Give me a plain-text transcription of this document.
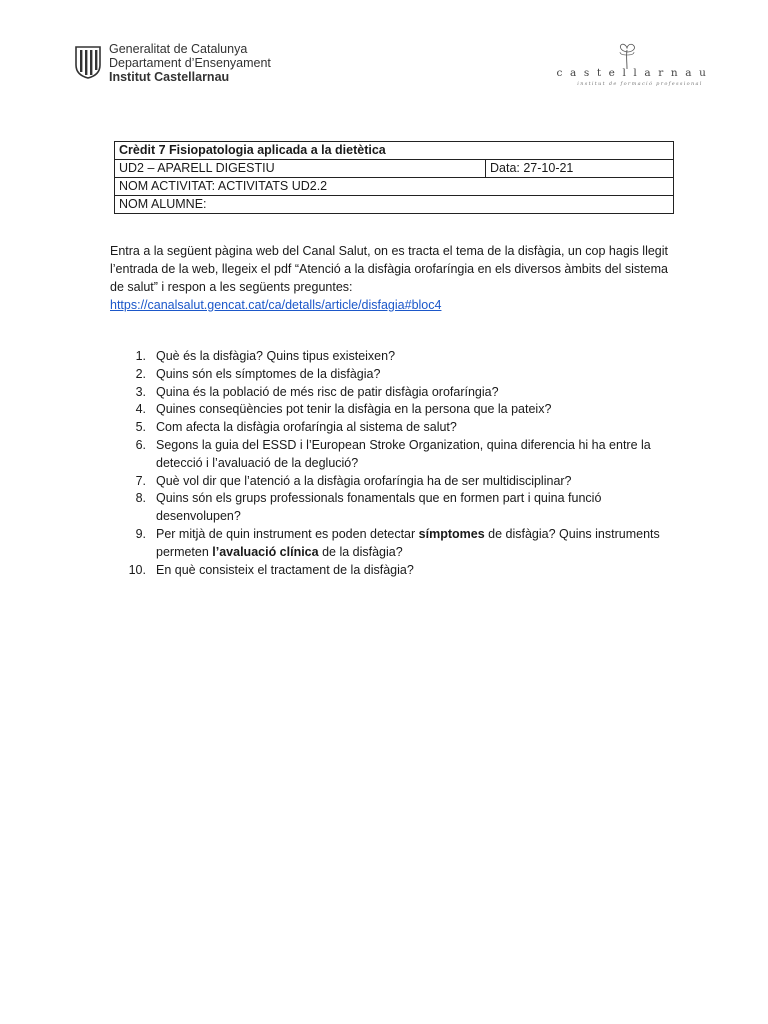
Generalitat de Catalunya
Departament d’Ensenyament
Institut Castellarnau	castellarnau
institut de formació professional
Crèdit 7 Fisiopatologia aplicada a la dietètica
UD2 – APARELL DIGESTIU	Data: 27-10-21
NOM ACTIVITAT: ACTIVITATS UD2.2
NOM ALUMNE:
Entra a la següent pàgina web del Canal Salut, on es tracta el tema de la disfàgia, un cop hagis llegit l’entrada de la web, llegeix el pdf “Atenció a la disfàgia orofaríngia en els diversos àmbits del sistema de salut” i respon a les següents preguntes:
https://canalsalut.gencat.cat/ca/detalls/article/disfagia#bloc4
1. Què és la disfàgia? Quins tipus existeixen?
2. Quins són els símptomes de la disfàgia?
3. Quina és la població de més risc de patir disfàgia orofaríngia?
4. Quines conseqüències pot tenir la disfàgia en la persona que la pateix?
5. Com afecta la disfàgia orofaríngia al sistema de salut?
6. Segons la guia del ESSD i l’European Stroke Organization, quina diferencia hi ha entre la detecció i l’avaluació de la deglució?
7. Què vol dir que l’atenció a la disfàgia orofaríngia ha de ser multidisciplinar?
8. Quins són els grups professionals fonamentals que en formen part i quina funció desenvolupen?
9. Per mitjà de quin instrument es poden detectar símptomes de disfàgia? Quins instruments permeten l’avaluació clínica de la disfàgia?
10. En què consisteix el tractament de la disfàgia?
